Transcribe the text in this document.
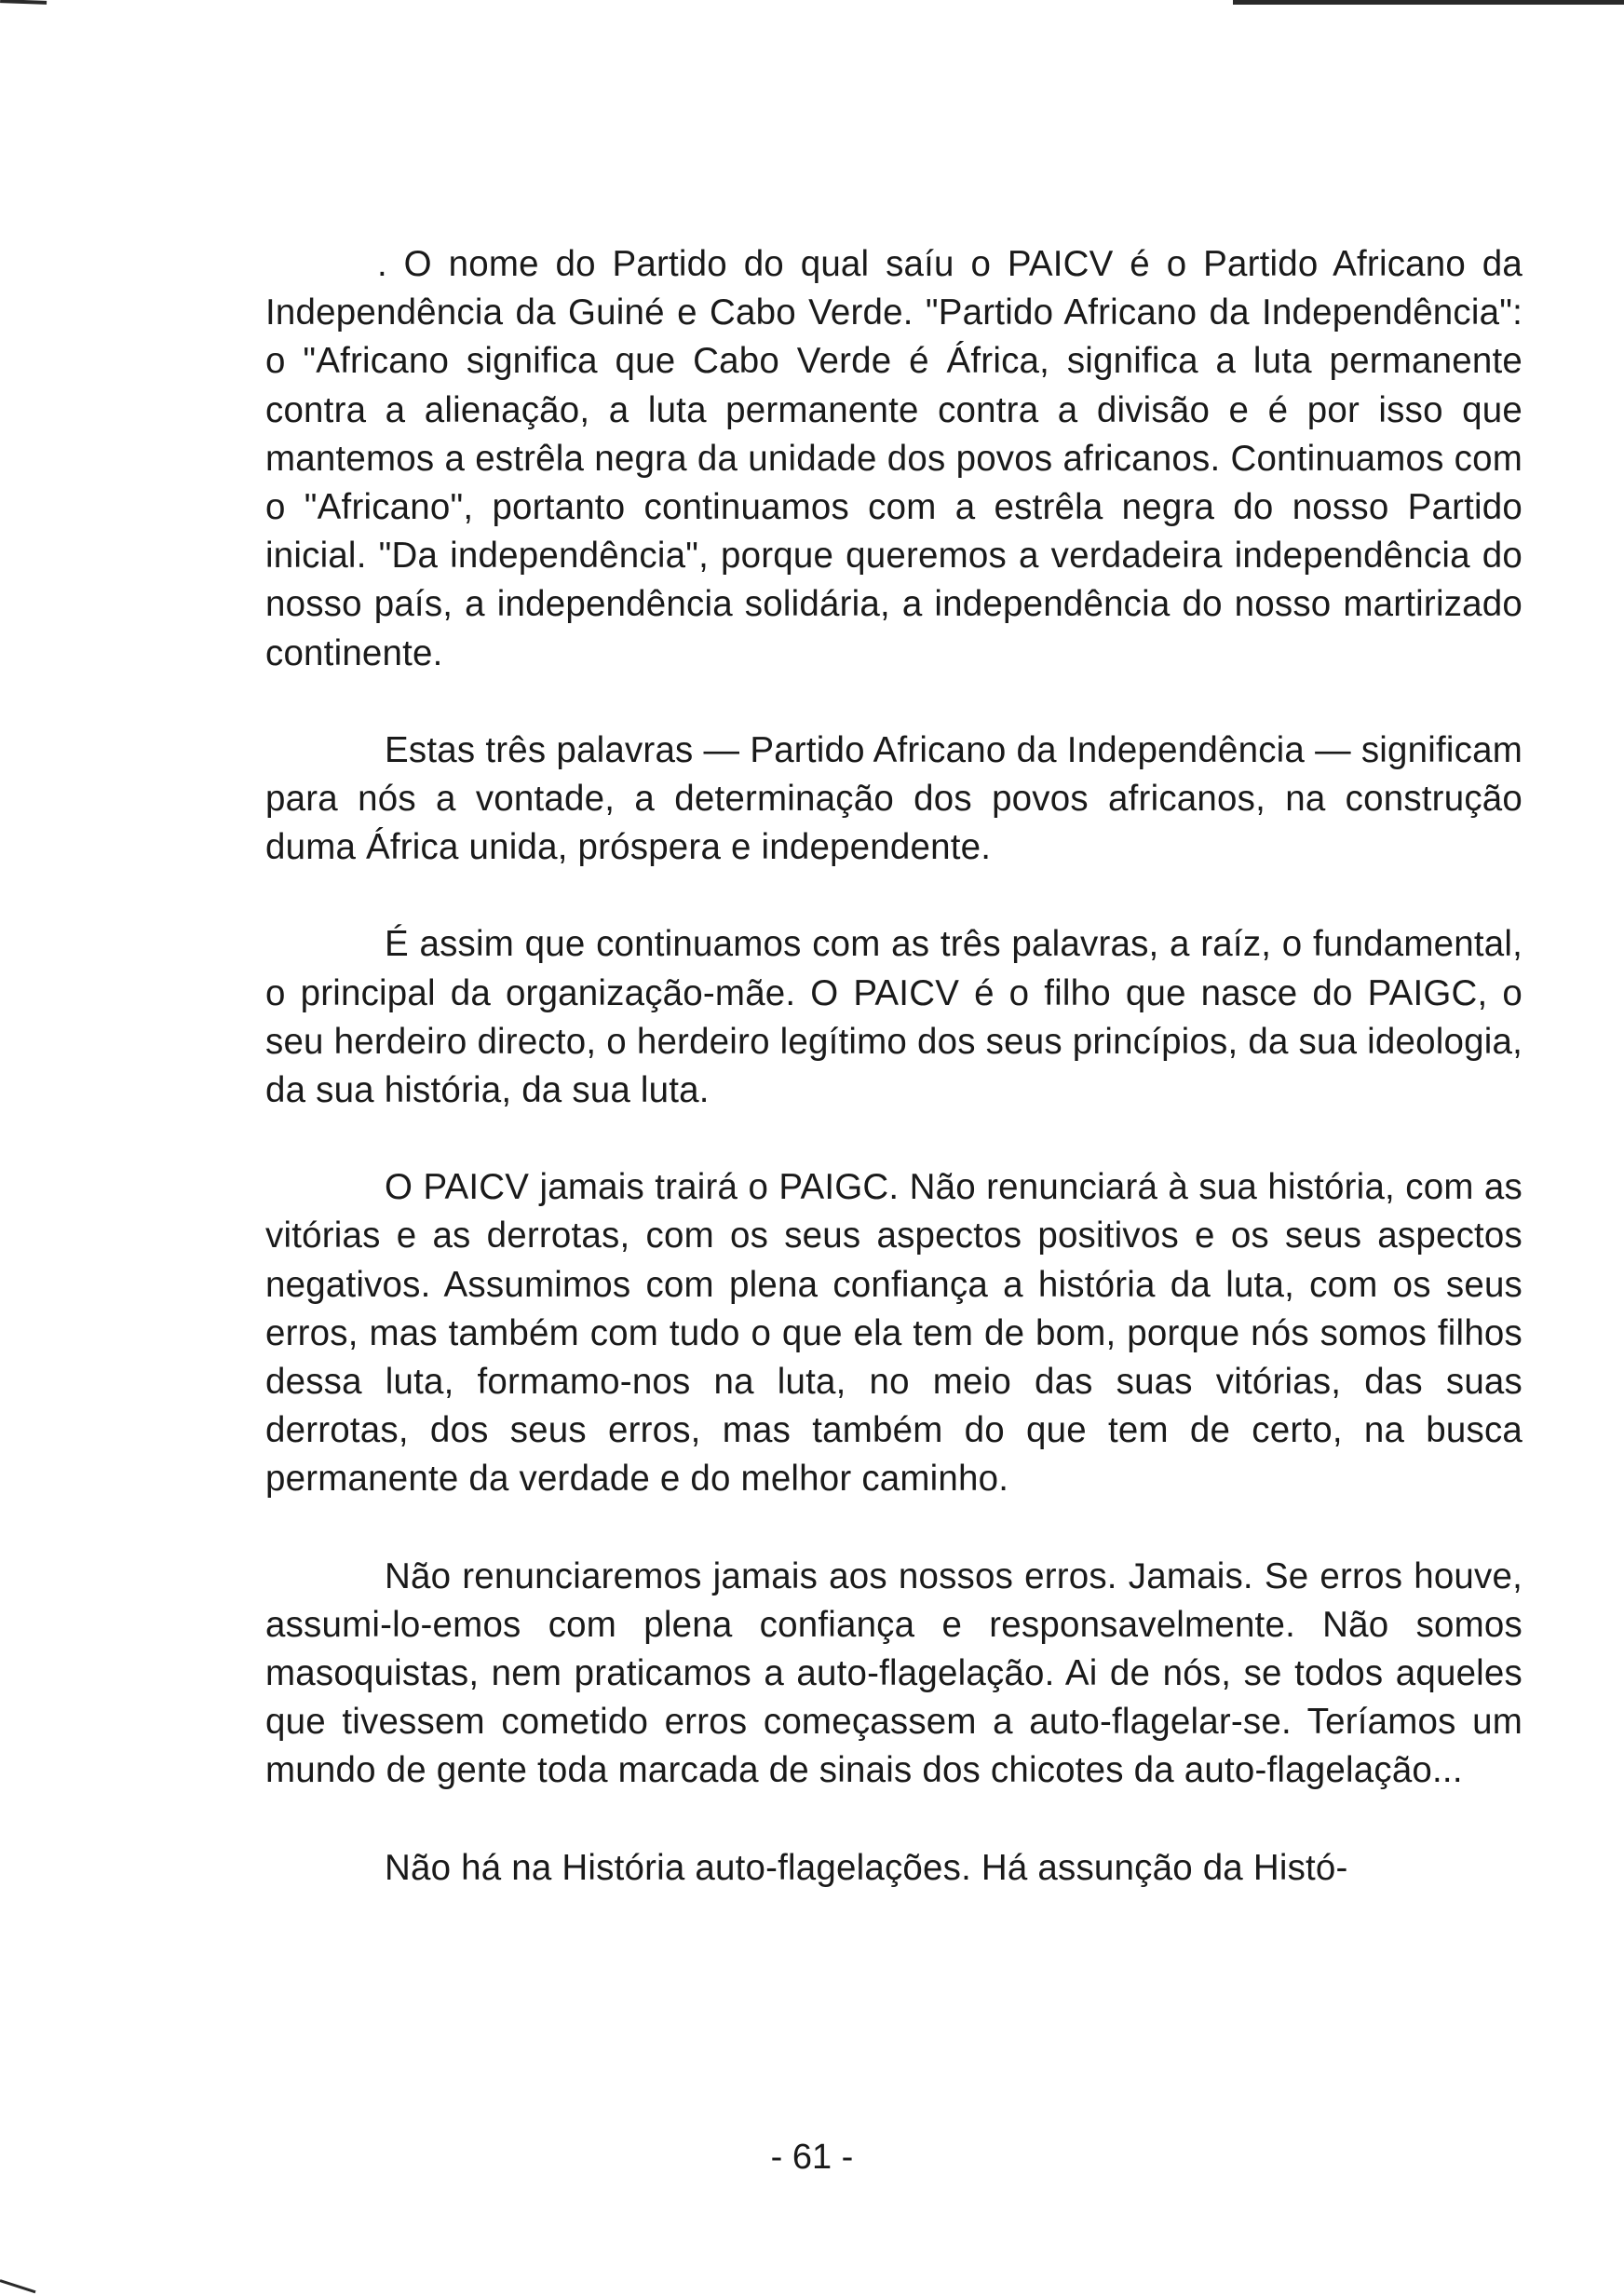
. O nome do Partido do qual saíu o PAICV é o Partido Africano da Independência da Guiné e Cabo Verde. "Partido Africano da Independência": o "Africano significa que Cabo Verde é África, significa a luta permanente contra a alienação, a luta permanente contra a divisão e é por isso que mantemos a estrêla negra da unidade dos povos africanos. Continuamos com o "Africano", portanto continuamos com a estrêla negra do nosso Partido inicial. "Da independência", porque queremos a verdadeira independência do nosso país, a independência solidária, a independência do nosso martirizado continente.

Estas três palavras — Partido Africano da Independência — significam para nós a vontade, a determinação dos povos africanos, na construção duma África unida, próspera e independente.

É assim que continuamos com as três palavras, a raíz, o fundamental, o principal da organização-mãe. O PAICV é o filho que nasce do PAIGC, o seu herdeiro directo, o herdeiro legítimo dos seus princípios, da sua ideologia, da sua história, da sua luta.

O PAICV jamais trairá o PAIGC. Não renunciará à sua história, com as vitórias e as derrotas, com os seus aspectos positivos e os seus aspectos negativos. Assumimos com plena confiança a história da luta, com os seus erros, mas também com tudo o que ela tem de bom, porque nós somos filhos dessa luta, formamo-nos na luta, no meio das suas vitórias, das suas derrotas, dos seus erros, mas também do que tem de certo, na busca permanente da verdade e do melhor caminho.

Não renunciaremos jamais aos nossos erros. Jamais. Se erros houve, assumi-lo-emos com plena confiança e responsavelmente. Não somos masoquistas, nem praticamos a auto-flagelação. Ai de nós, se todos aqueles que tivessem cometido erros começassem a auto-flagelar-se. Teríamos um mundo de gente toda marcada de sinais dos chicotes da auto-flagelação...

Não há na História auto-flagelações. Há assunção da Histó-

- 61 -
